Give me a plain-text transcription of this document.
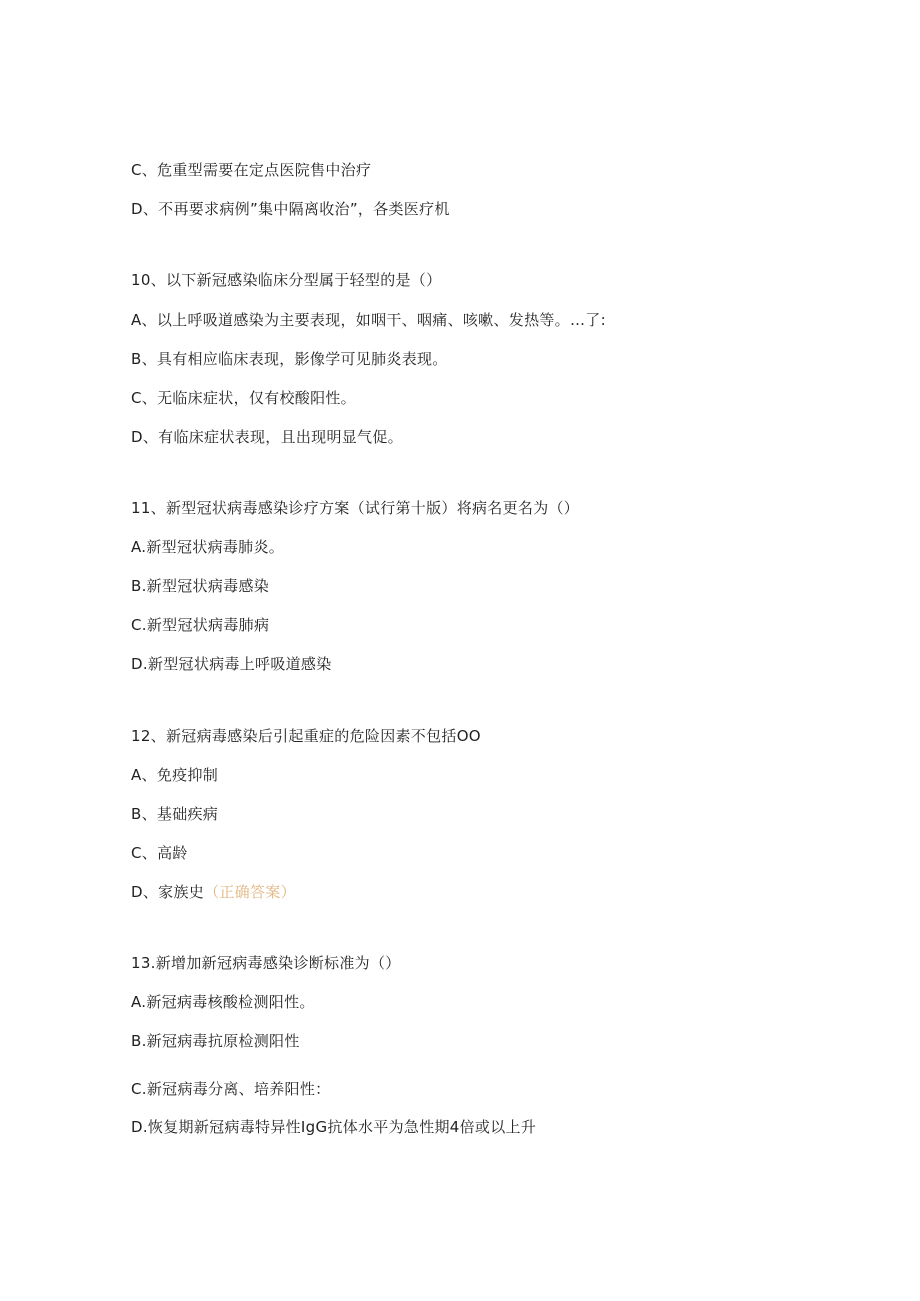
C、危重型需要在定点医院售中治疗
D、不再要求病例”集中隔离收治”，各类医疗机
10、以下新冠感染临床分型属于轻型的是（）
A、以上呼吸道感染为主要表现，如咽干、咽痛、咳嗽、发热等。…了:
B、具有相应临床表现，影像学可见肺炎表现。
C、无临床症状，仅有校酸阳性。
D、有临床症状表现，且出现明显气促。
11、新型冠状病毒感染诊疗方案（试行第十版）将病名更名为（）
A.新型冠状病毒肺炎。
B.新型冠状病毒感染
C.新型冠状病毒肺病
D.新型冠状病毒上呼吸道感染
12、新冠病毒感染后引起重症的危险因素不包括OO
A、免疫抑制
B、基础疾病
C、高龄
D、家族史（正确答案）
13.新增加新冠病毒感染诊断标准为（）
A.新冠病毒核酸检测阳性。
B.新冠病毒抗原检测阳性
C.新冠病毒分离、培养阳性：
D.恢复期新冠病毒特异性IgG抗体水平为急性期4倍或以上升
